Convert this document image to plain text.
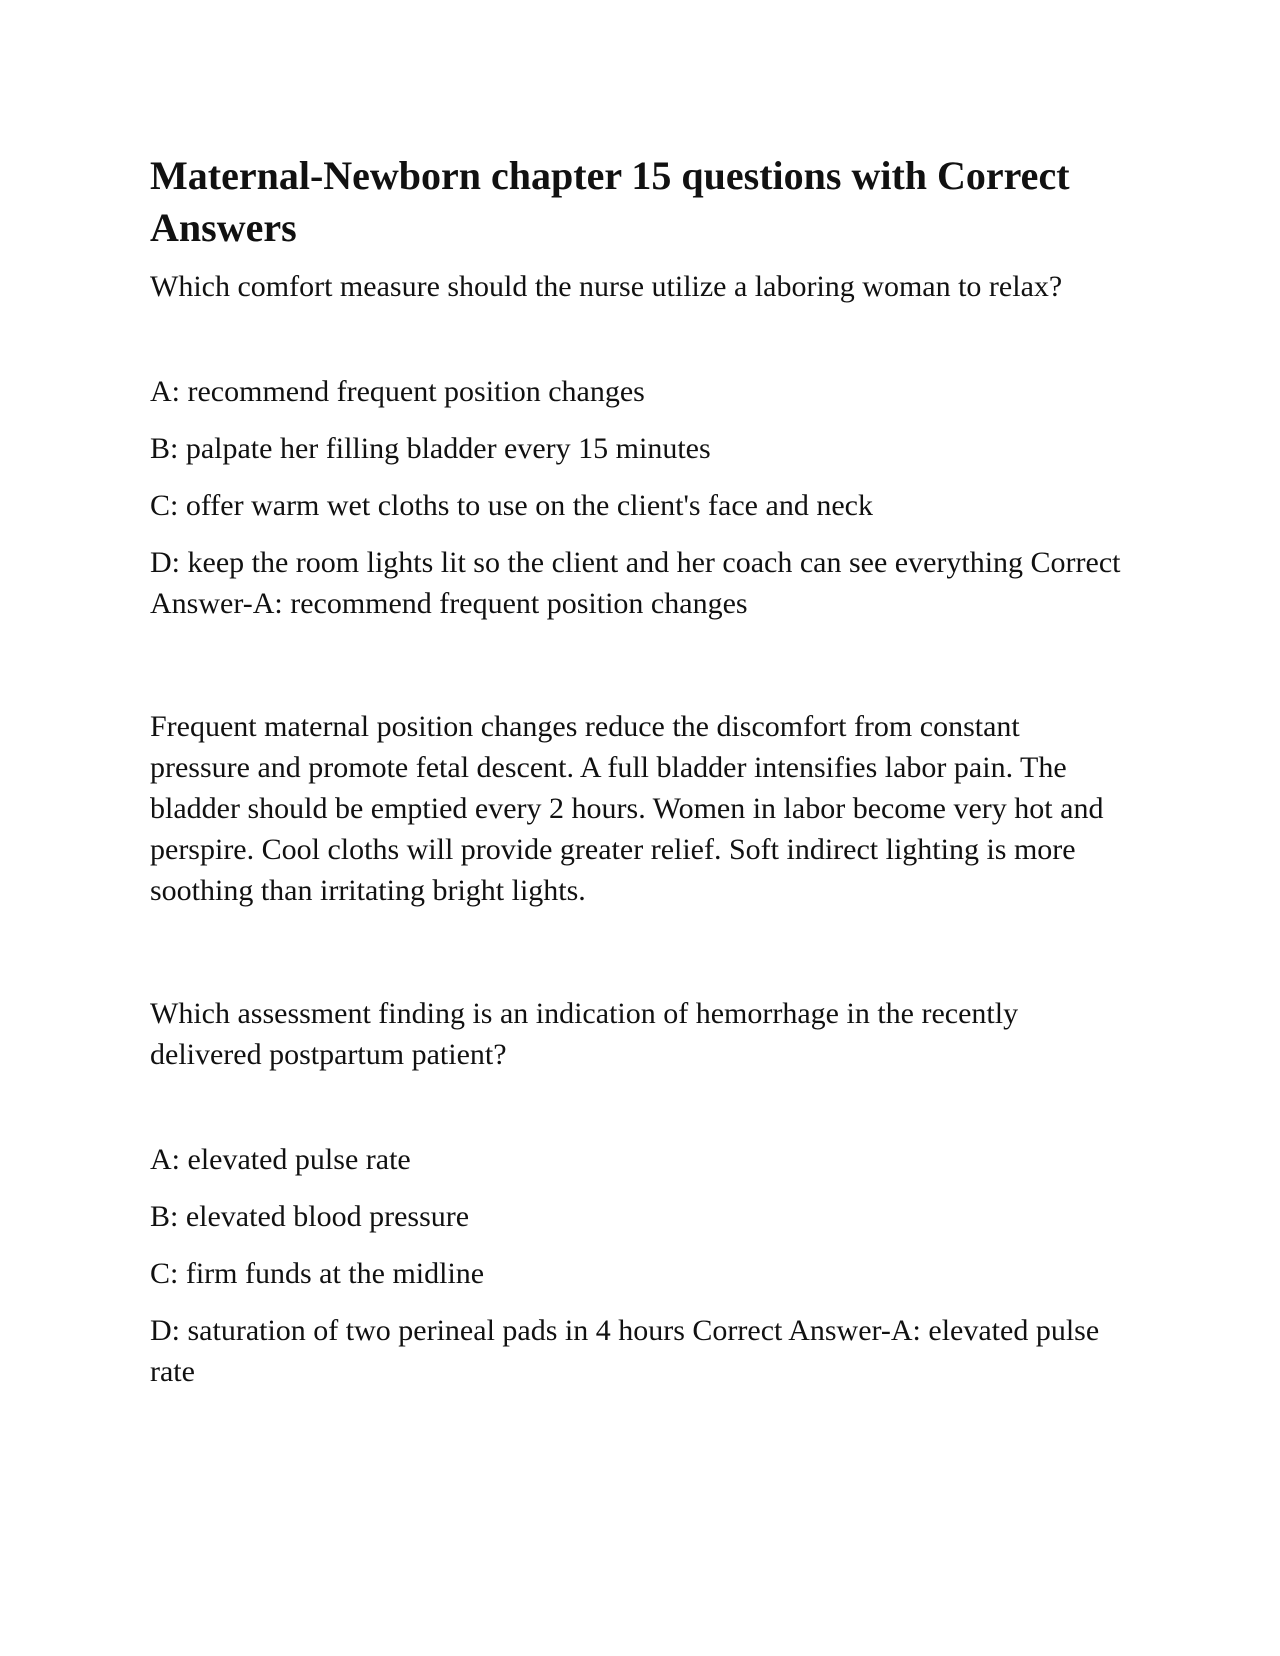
Maternal-Newborn chapter 15 questions with Correct Answers

Which comfort measure should the nurse utilize a laboring woman to relax?

A: recommend frequent position changes

B: palpate her filling bladder every 15 minutes

C: offer warm wet cloths to use on the client's face and neck

D: keep the room lights lit so the client and her coach can see everything Correct Answer-A: recommend frequent position changes

Frequent maternal position changes reduce the discomfort from constant pressure and promote fetal descent. A full bladder intensifies labor pain. The bladder should be emptied every 2 hours. Women in labor become very hot and perspire. Cool cloths will provide greater relief. Soft indirect lighting is more soothing than irritating bright lights.

Which assessment finding is an indication of hemorrhage in the recently delivered postpartum patient?

A: elevated pulse rate

B: elevated blood pressure

C: firm funds at the midline

D: saturation of two perineal pads in 4 hours Correct Answer-A: elevated pulse rate
